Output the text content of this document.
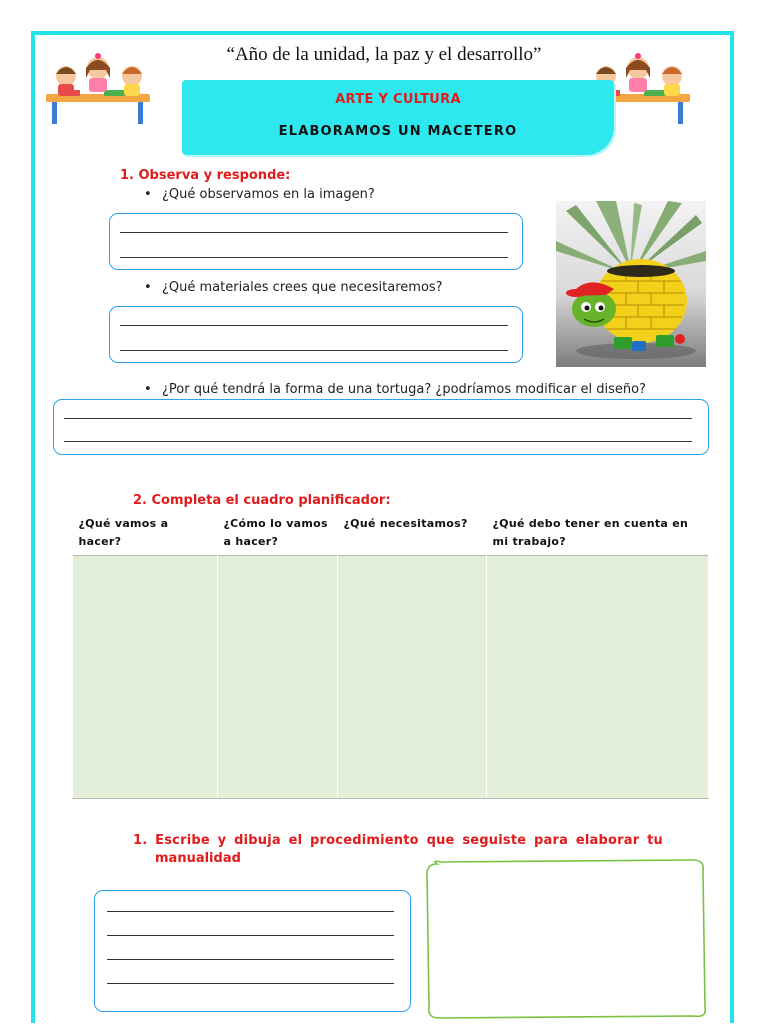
“Año de la unidad, la paz y el desarrollo”
ARTE Y CULTURA
ELABORAMOS UN MACETERO
1. Observa y responde:
• ¿Qué observamos en la imagen?
• ¿Qué materiales crees que necesitaremos?
• ¿Por qué tendrá la forma de una tortuga? ¿podríamos modificar el diseño?
2. Completa el cuadro planificador:
¿Qué vamos a hacer?	¿Cómo lo vamos a hacer?	¿Qué necesitamos?	¿Qué debo tener en cuenta en mi trabajo?

1. Escribe y dibuja el procedimiento que seguiste para elaborar tu
manualidad
